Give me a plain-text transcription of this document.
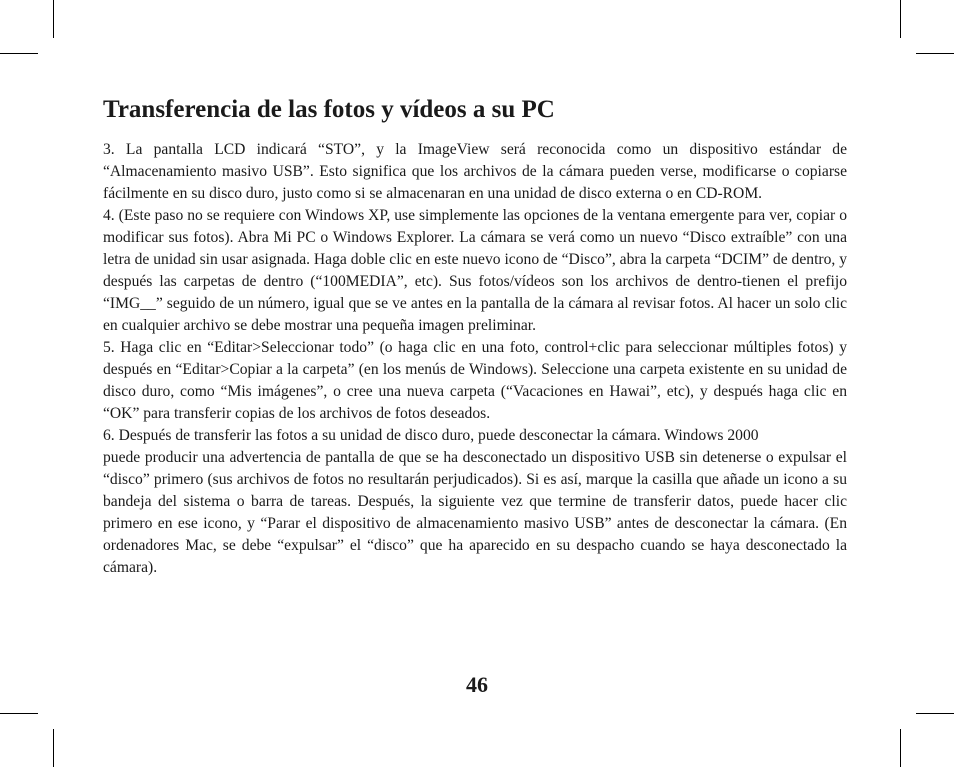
Transferencia de las fotos y vídeos a su PC

3. La pantalla LCD indicará “STO”, y la ImageView será reconocida como un dispositivo estándar de “Almacenamiento masivo USB”. Esto significa que los archivos de la cámara pueden verse, modificarse o copiarse fácilmente en su disco duro, justo como si se almacenaran en una unidad de disco externa o en CD-ROM.

4. (Este paso no se requiere con Windows XP, use simplemente las opciones de la ventana emergente para ver, copiar o modificar sus fotos). Abra Mi PC o Windows Explorer. La cámara se verá como un nuevo “Disco extraíble” con una letra de unidad sin usar asignada. Haga doble clic en este nuevo icono de “Disco”, abra la carpeta “DCIM” de dentro, y después las carpetas de dentro (“100MEDIA”, etc). Sus fotos/vídeos son los archivos de dentro-tienen el prefijo “IMG__” seguido de un número, igual que se ve antes en la pantalla de la cámara al revisar fotos. Al hacer un solo clic en cualquier archivo se debe mostrar una pequeña imagen preliminar.

5. Haga clic en “Editar>Seleccionar todo” (o haga clic en una foto, control+clic para seleccionar múltiples fotos) y después en “Editar>Copiar a la carpeta” (en los menús de Windows). Seleccione una carpeta existente en su unidad de disco duro, como “Mis imágenes”, o cree una nueva carpeta (“Vacaciones en Hawai”, etc), y después haga clic en “OK” para transferir copias de los archivos de fotos deseados.

6. Después de transferir las fotos a su unidad de disco duro, puede desconectar la cámara. Windows 2000

puede producir una advertencia de pantalla de que se ha desconectado un dispositivo USB sin detenerse o expulsar el “disco” primero (sus archivos de fotos no resultarán perjudicados). Si es así, marque la casilla que añade un icono a su bandeja del sistema o barra de tareas. Después, la siguiente vez que termine de transferir datos, puede hacer clic primero en ese icono, y “Parar el dispositivo de almacenamiento masivo USB” antes de desconectar la cámara. (En ordenadores Mac, se debe “expulsar” el “disco” que ha aparecido en su despacho cuando se haya desconectado la cámara).

46
